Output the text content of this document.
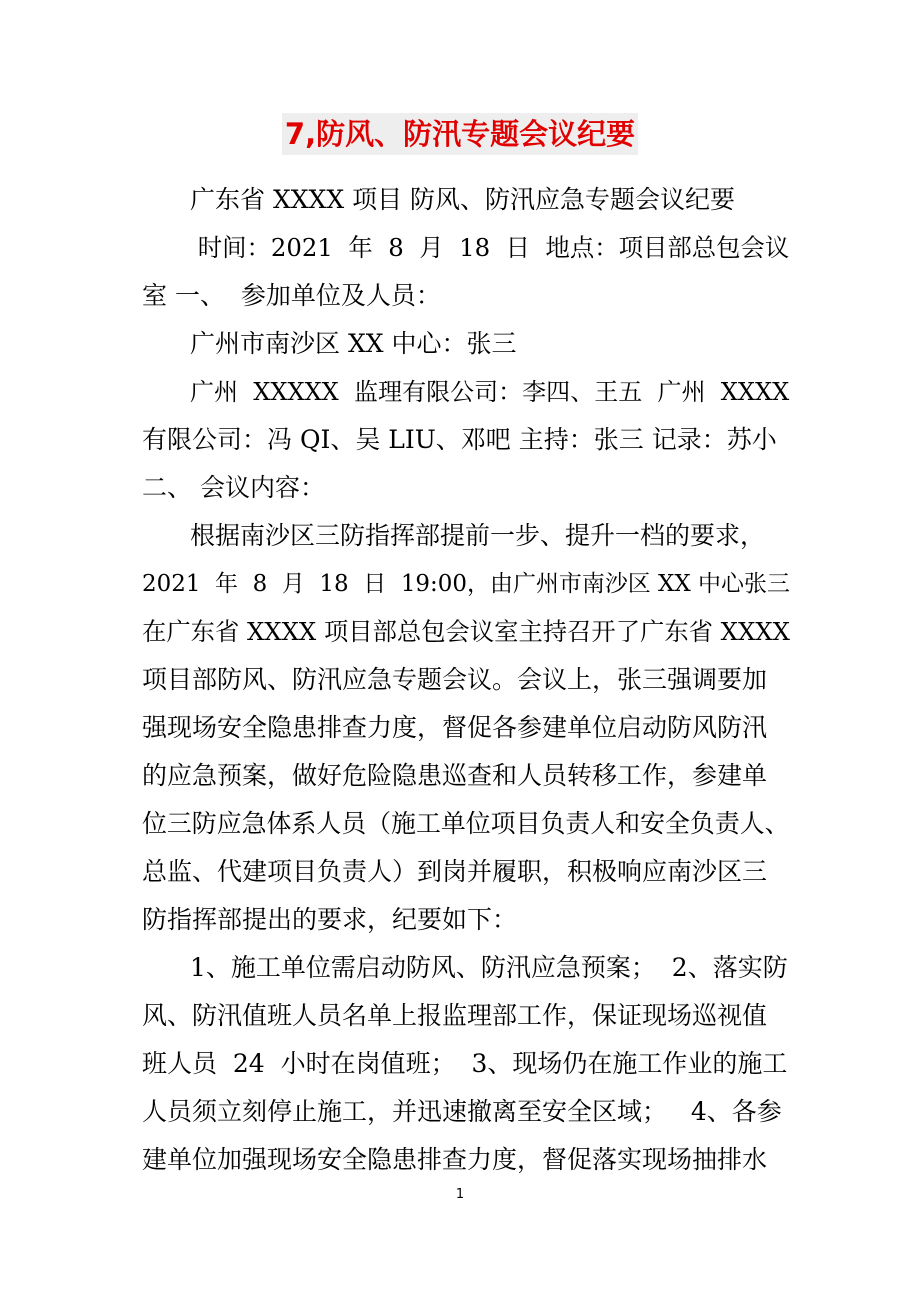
7,防风、防汛专题会议纪要
广东省 XXXX 项目 防风、防汛应急专题会议纪要
时间：2021  年  8  月  18  日  地点：项目部总包会议
室 一、  参加单位及人员：
广州市南沙区 XX 中心：张三
广州  XXXXX  监理有限公司：李四、王五  广州  XXXX
有限公司：冯 QI、吴 LIU、邓吧 主持：张三 记录：苏小
二、 会议内容：
根据南沙区三防指挥部提前一步、提升一档的要求，
2021  年  8  月  18  日  19:00，由广州市南沙区 XX 中心张三
在广东省 XXXX 项目部总包会议室主持召开了广东省 XXXX
项目部防风、防汛应急专题会议。会议上，张三强调要加
强现场安全隐患排查力度，督促各参建单位启动防风防汛
的应急预案，做好危险隐患巡查和人员转移工作，参建单
位三防应急体系人员（施工单位项目负责人和安全负责人、
总监、代建项目负责人）到岗并履职，积极响应南沙区三
防指挥部提出的要求，纪要如下：
1、施工单位需启动防风、防汛应急预案；  2、落实防
风、防汛值班人员名单上报监理部工作，保证现场巡视值
班人员  24  小时在岗值班；  3、现场仍在施工作业的施工
人员须立刻停止施工，并迅速撤离至安全区域；   4、各参
建单位加强现场安全隐患排查力度，督促落实现场抽排水
1
